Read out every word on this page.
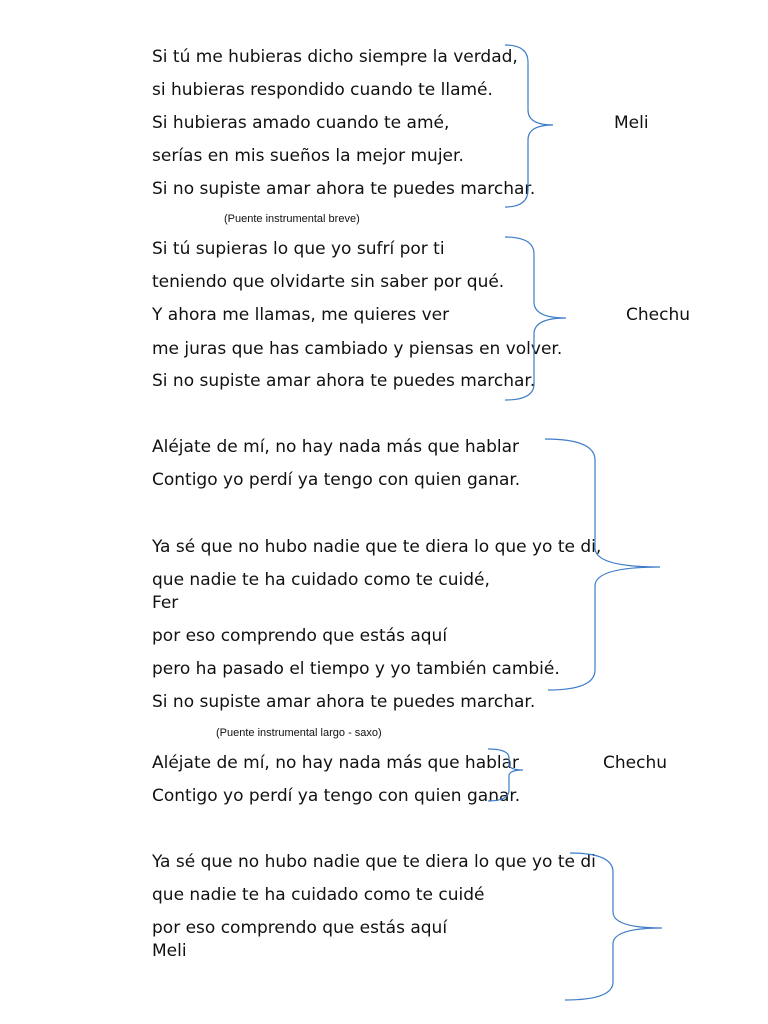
Si tú me hubieras dicho siempre la verdad,
si hubieras respondido cuando te llamé.
Si hubieras amado cuando te amé,
serías en mis sueños la mejor mujer.
Si no supiste amar ahora te puedes marchar.
(Puente instrumental breve)
Si tú supieras lo que yo sufrí por ti
teniendo que olvidarte sin saber por qué.
Y ahora me llamas, me quieres ver
me juras que has cambiado y piensas en volver.
Si no supiste amar ahora te puedes marchar.
Aléjate de mí, no hay nada más que hablar
Contigo yo perdí ya tengo con quien ganar.
Ya sé que no hubo nadie que te diera lo que yo te di,
que nadie te ha cuidado como te cuidé,
por eso comprendo que estás aquí
pero ha pasado el tiempo y yo también cambié.
Si no supiste amar ahora te puedes marchar.
(Puente instrumental largo - saxo)
Aléjate de mí, no hay nada más que hablar
Contigo yo perdí ya tengo con quien ganar.
Ya sé que no hubo nadie que te diera lo que yo te di
que nadie te ha cuidado como te cuidé
por eso comprendo que estás aquí
Meli
Chechu
Fer
Chechu
Meli
